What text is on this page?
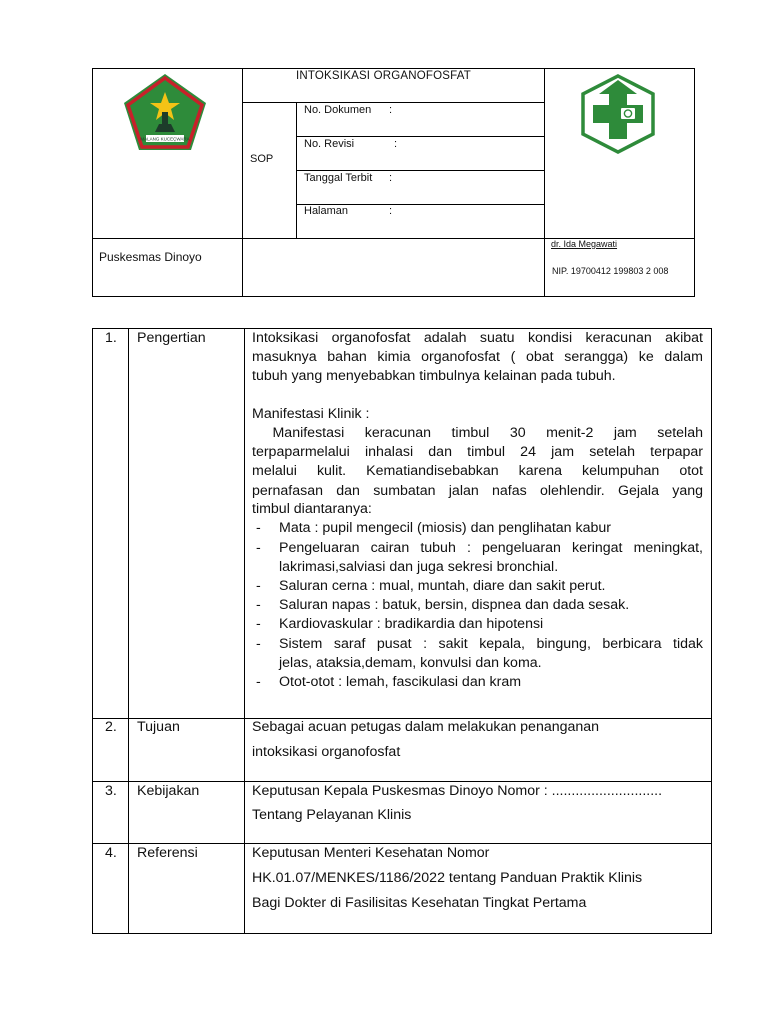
MALANG KUCEÇWARA
INTOKSIKASI ORGANOFOSFAT
SOP
No. Dokumen :
No. Revisi	:
Tanggal Terbit :
Halaman	:
Puskesmas Dinoyo
dr. Ida Megawati
NIP. 19700412 199803 2 008
1. Pengertian	Intoksikasi organofosfat adalah suatu kondisi keracunan akibat
masuknya bahan kimia organofosfat ( obat serangga) ke dalam
tubuh yang menyebabkan timbulnya kelainan pada tubuh.
Manifestasi Klinik :
Manifestasi keracunan timbul 30 menit-2 jam setelah
terpaparmelalui inhalasi dan timbul 24 jam setelah terpapar
melalui kulit. Kematiandisebabkan karena kelumpuhan otot
pernafasan dan sumbatan jalan nafas olehlendir. Gejala yang
timbul diantaranya:
- Mata : pupil mengecil (miosis) dan penglihatan kabur
- Pengeluaran cairan tubuh : pengeluaran keringat meningkat,
lakrimasi,salviasi dan juga sekresi bronchial.
- Saluran cerna : mual, muntah, diare dan sakit perut.
- Saluran napas : batuk, bersin, dispnea dan dada sesak.
- Kardiovaskular : bradikardia dan hipotensi
- Sistem saraf pusat : sakit kepala, bingung, berbicara tidak
jelas, ataksia,demam, konvulsi dan koma.
- Otot-otot : lemah, fascikulasi dan kram
2. Tujuan	Sebagai acuan petugas dalam melakukan penanganan
intoksikasi organofosfat
3. Kebijakan	Keputusan Kepala Puskesmas Dinoyo Nomor : ............................
Tentang Pelayanan Klinis
4. Referensi	Keputusan Menteri Kesehatan Nomor
HK.01.07/MENKES/1186/2022 tentang Panduan Praktik Klinis
Bagi Dokter di Fasilisitas Kesehatan Tingkat Pertama
